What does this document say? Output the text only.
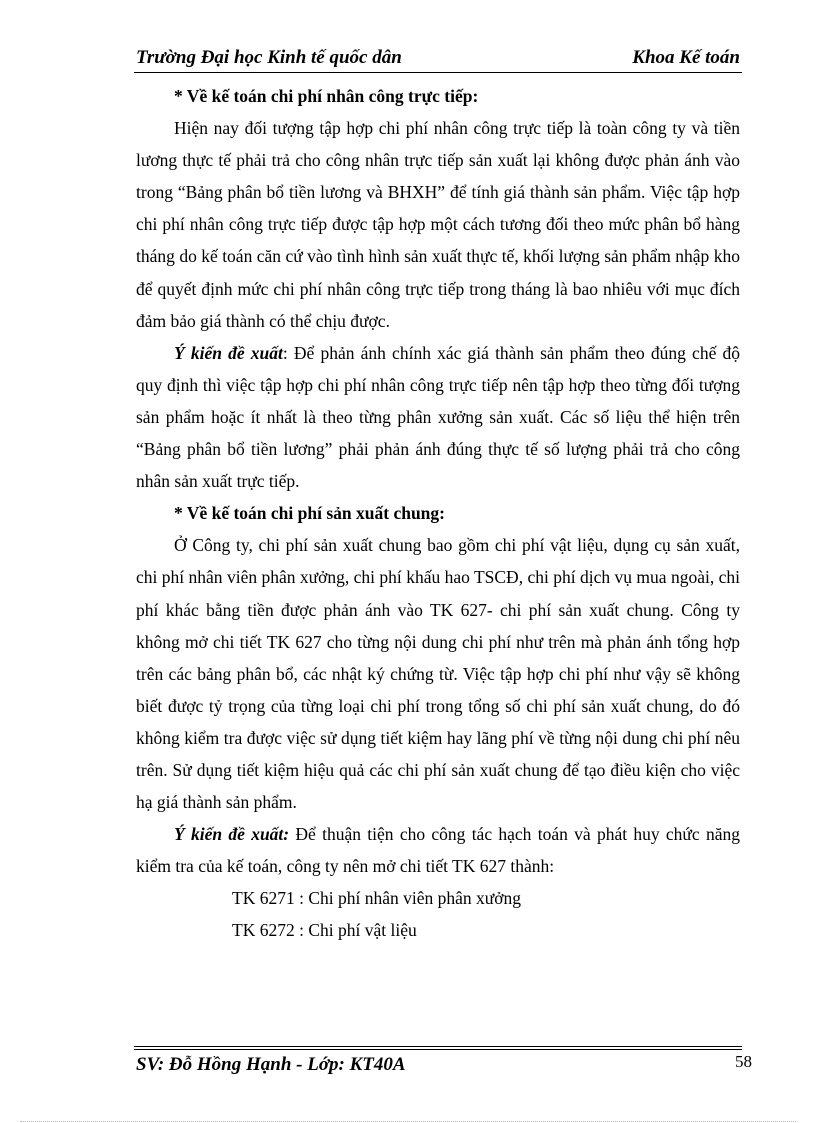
Trường Đại học Kinh tế quốc dân	Khoa Kế toán

* Về kế toán chi phí nhân công trực tiếp:

Hiện nay đối tượng tập hợp chi phí nhân công trực tiếp là toàn công ty và tiền lương thực tế phải trả cho công nhân trực tiếp sản xuất lại không được phản ánh vào trong “Bảng phân bổ tiền lương và BHXH” để tính giá thành sản phẩm. Việc tập hợp chi phí nhân công trực tiếp được tập hợp một cách tương đối theo mức phân bổ hàng tháng do kế toán căn cứ vào tình hình sản xuất thực tế, khối lượng sản phẩm nhập kho để quyết định mức chi phí nhân công trực tiếp trong tháng là bao nhiêu với mục đích đảm bảo giá thành có thể chịu được.

Ý kiến đề xuất: Để phản ánh chính xác giá thành sản phẩm theo đúng chế độ quy định thì việc tập hợp chi phí nhân công trực tiếp nên tập hợp theo từng đối tượng sản phẩm hoặc ít nhất là theo từng phân xưởng sản xuất. Các số liệu thể hiện trên “Bảng phân bổ tiền lương” phải phản ánh đúng thực tế số lượng phải trả cho công nhân sản xuất trực tiếp.

* Về kế toán chi phí sản xuất chung:

Ở Công ty, chi phí sản xuất chung bao gồm chi phí vật liệu, dụng cụ sản xuất, chi phí nhân viên phân xưởng, chi phí khấu hao TSCĐ, chi phí dịch vụ mua ngoài, chi phí khác bằng tiền được phản ánh vào TK 627- chi phí sản xuất chung. Công ty không mở chi tiết TK 627 cho từng nội dung chi phí như trên mà phản ánh tổng hợp trên các bảng phân bổ, các nhật ký chứng từ. Việc tập hợp chi phí như vậy sẽ không biết được tỷ trọng của từng loại chi phí trong tổng số chi phí sản xuất chung, do đó không kiểm tra được việc sử dụng tiết kiệm hay lãng phí về từng nội dung chi phí nêu trên. Sử dụng tiết kiệm hiệu quả các chi phí sản xuất chung để tạo điều kiện cho việc hạ giá thành sản phẩm.

Ý kiến đề xuất: Để thuận tiện cho công tác hạch toán và phát huy chức năng kiểm tra của kế toán, công ty nên mở chi tiết TK 627 thành:

TK 6271 : Chi phí nhân viên phân xưởng

TK 6272 : Chi phí vật liệu

SV: Đỗ Hồng Hạnh - Lớp: KT40A	58
